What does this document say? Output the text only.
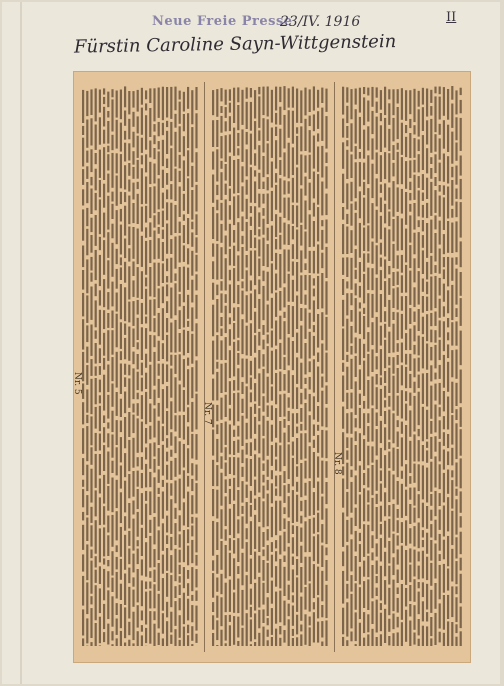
Neue Freie Presse
23/IV. 1916	II
Fürstin Caroline Sayn-Wittgenstein
Nr. 7
Nr. 8
Nr. 5
